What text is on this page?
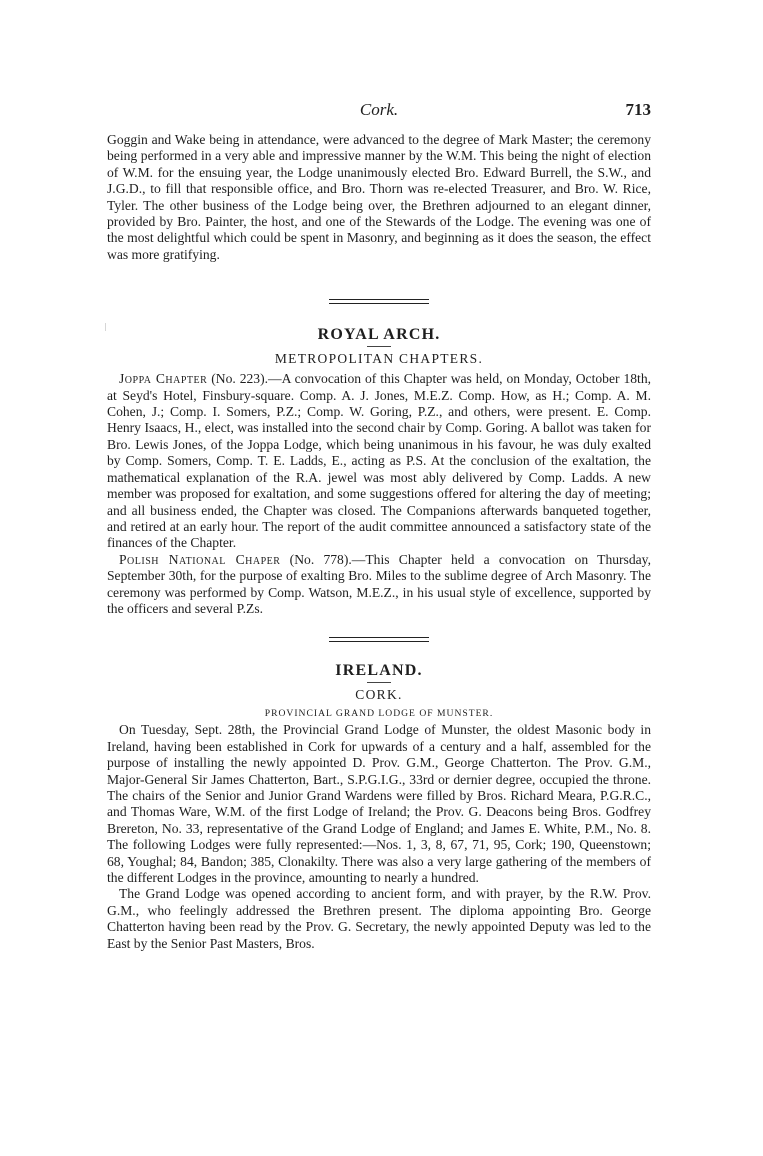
|
Cork.	713

Goggin and Wake being in attendance, were advanced to the degree of Mark Master; the ceremony being performed in a very able and impressive manner by the W.M. This being the night of election of W.M. for the ensuing year, the Lodge unanimously elected Bro. Edward Burrell, the S.W., and J.G.D., to fill that responsible office, and Bro. Thorn was re-elected Treasurer, and Bro. W. Rice, Tyler. The other business of the Lodge being over, the Brethren adjourned to an elegant dinner, provided by Bro. Painter, the host, and one of the Stewards of the Lodge. The evening was one of the most delightful which could be spent in Masonry, and beginning as it does the season, the effect was more gratifying.

ROYAL ARCH.

METROPOLITAN CHAPTERS.

Joppa Chapter (No. 223).—A convocation of this Chapter was held, on Monday, October 18th, at Seyd's Hotel, Finsbury-square. Comp. A. J. Jones, M.E.Z. Comp. How, as H.; Comp. A. M. Cohen, J.; Comp. I. Somers, P.Z.; Comp. W. Goring, P.Z., and others, were present. E. Comp. Henry Isaacs, H., elect, was installed into the second chair by Comp. Goring. A ballot was taken for Bro. Lewis Jones, of the Joppa Lodge, which being unanimous in his favour, he was duly exalted by Comp. Somers, Comp. T. E. Ladds, E., acting as P.S. At the conclusion of the exaltation, the mathematical explanation of the R.A. jewel was most ably delivered by Comp. Ladds. A new member was proposed for exaltation, and some suggestions offered for altering the day of meeting; and all business ended, the Chapter was closed. The Companions afterwards banqueted together, and retired at an early hour. The report of the audit committee announced a satisfactory state of the finances of the Chapter.

Polish National Chaper (No. 778).—This Chapter held a convocation on Thursday, September 30th, for the purpose of exalting Bro. Miles to the sublime degree of Arch Masonry. The ceremony was performed by Comp. Watson, M.E.Z., in his usual style of excellence, supported by the officers and several P.Zs.

IRELAND.

CORK.

PROVINCIAL GRAND LODGE OF MUNSTER.

On Tuesday, Sept. 28th, the Provincial Grand Lodge of Munster, the oldest Masonic body in Ireland, having been established in Cork for upwards of a century and a half, assembled for the purpose of installing the newly appointed D. Prov. G.M., George Chatterton. The Prov. G.M., Major-General Sir James Chatterton, Bart., S.P.G.I.G., 33rd or dernier degree, occupied the throne. The chairs of the Senior and Junior Grand Wardens were filled by Bros. Richard Meara, P.G.R.C., and Thomas Ware, W.M. of the first Lodge of Ireland; the Prov. G. Deacons being Bros. Godfrey Brereton, No. 33, representative of the Grand Lodge of England; and James E. White, P.M., No. 8. The following Lodges were fully represented:—Nos. 1, 3, 8, 67, 71, 95, Cork; 190, Queenstown; 68, Youghal; 84, Bandon; 385, Clonakilty. There was also a very large gathering of the members of the different Lodges in the province, amounting to nearly a hundred.

The Grand Lodge was opened according to ancient form, and with prayer, by the R.W. Prov. G.M., who feelingly addressed the Brethren present. The diploma appointing Bro. George Chatterton having been read by the Prov. G. Secretary, the newly appointed Deputy was led to the East by the Senior Past Masters, Bros.
